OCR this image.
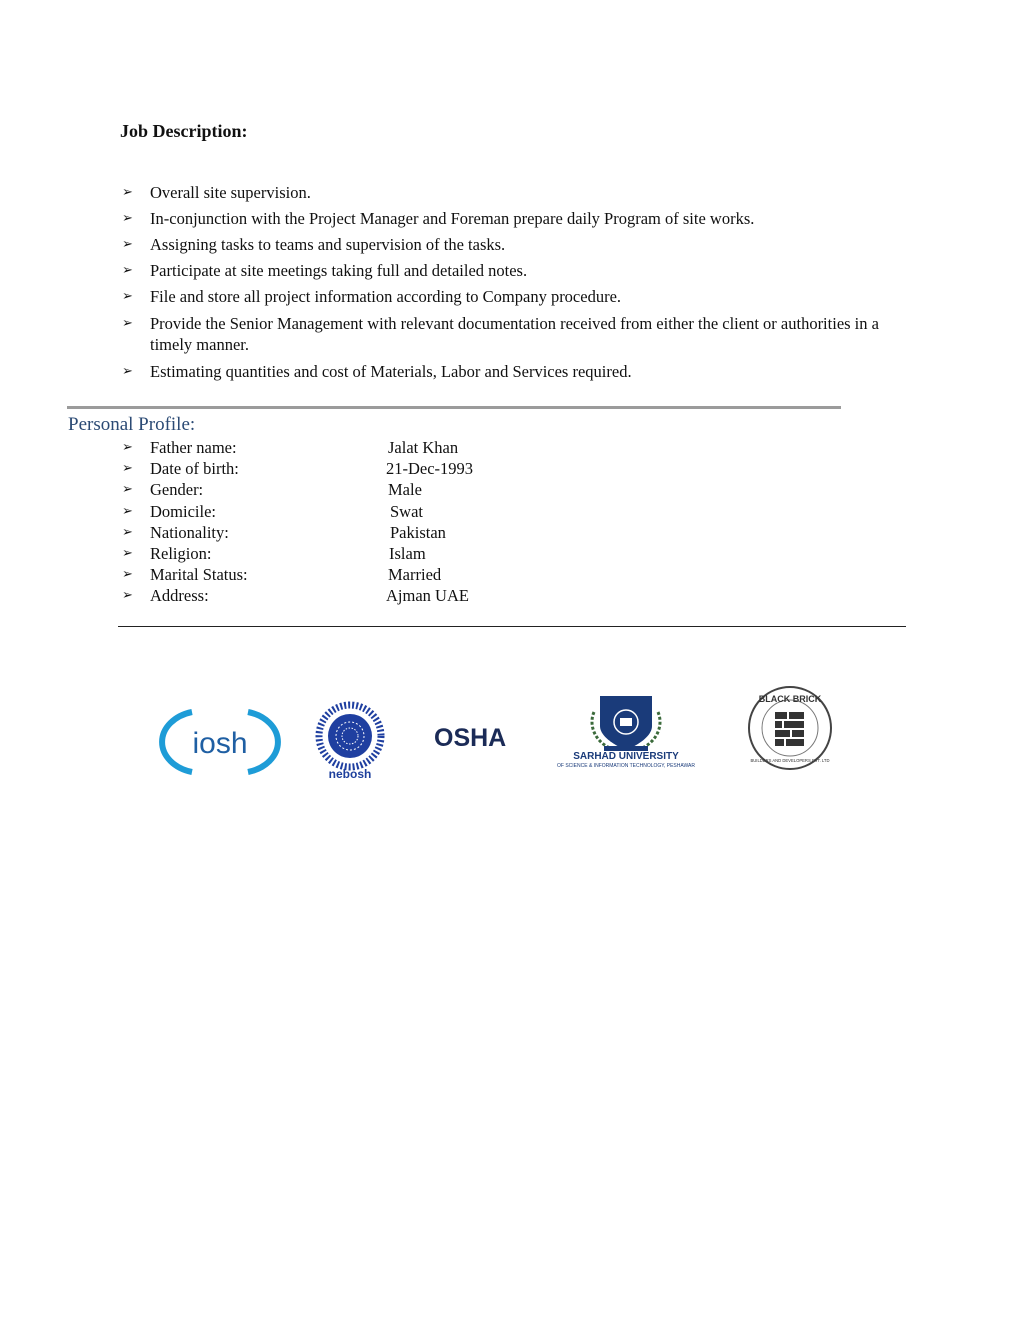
Job Description:
➢ Overall site supervision.
➢ In-conjunction with the Project Manager and Foreman prepare daily Program of site works.
➢ Assigning tasks to teams and supervision of the tasks.
➢ Participate at site meetings taking full and detailed notes.
➢ File and store all project information according to Company procedure.
➢ Provide the Senior Management with relevant documentation received from either the client or authorities in a timely manner.
➢ Estimating quantities and cost of Materials, Labor and Services required.
Personal Profile:
➢ Father name:	Jalat Khan
➢ Date of birth:	21-Dec-1993
➢ Gender:	Male
➢ Domicile:	Swat
➢ Nationality:	Pakistan
➢ Religion:	Islam
➢ Marital Status:	Married
➢ Address:	Ajman UAE
iosh
nebosh
OSHA
SARHAD UNIVERSITY
OF SCIENCE & INFORMATION TECHNOLOGY, PESHAWAR
BLACK BRICK
BUILDERS AND DEVELOPERS PVT. LTD
